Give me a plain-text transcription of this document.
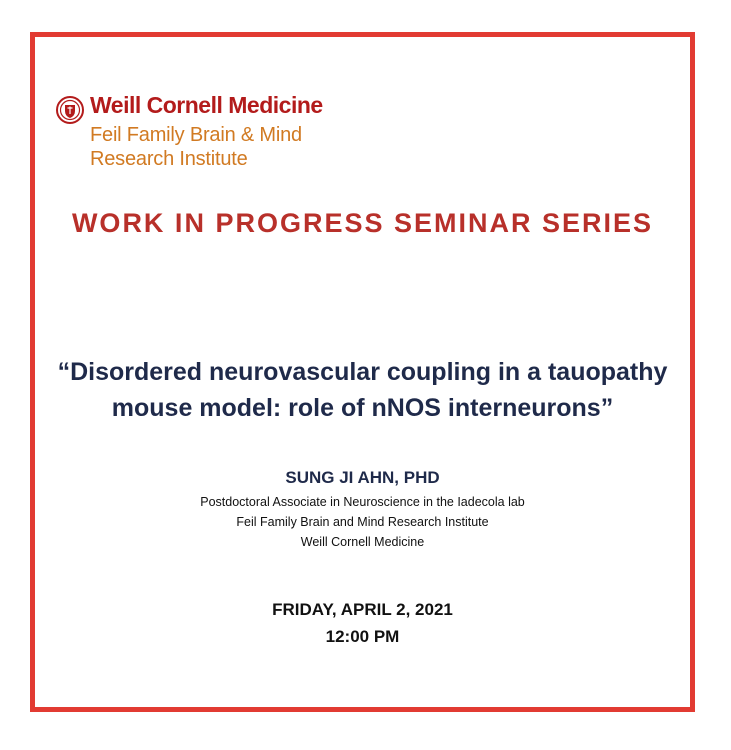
Weill Cornell Medicine
Feil Family Brain & Mind
Research Institute
WORK IN PROGRESS SEMINAR SERIES
“Disordered neurovascular coupling in a tauopathy
mouse model: role of nNOS interneurons”
SUNG JI AHN, PHD
Postdoctoral Associate in Neuroscience in the Iadecola lab
Feil Family Brain and Mind Research Institute
Weill Cornell Medicine
FRIDAY, APRIL 2, 2021
12:00 PM
